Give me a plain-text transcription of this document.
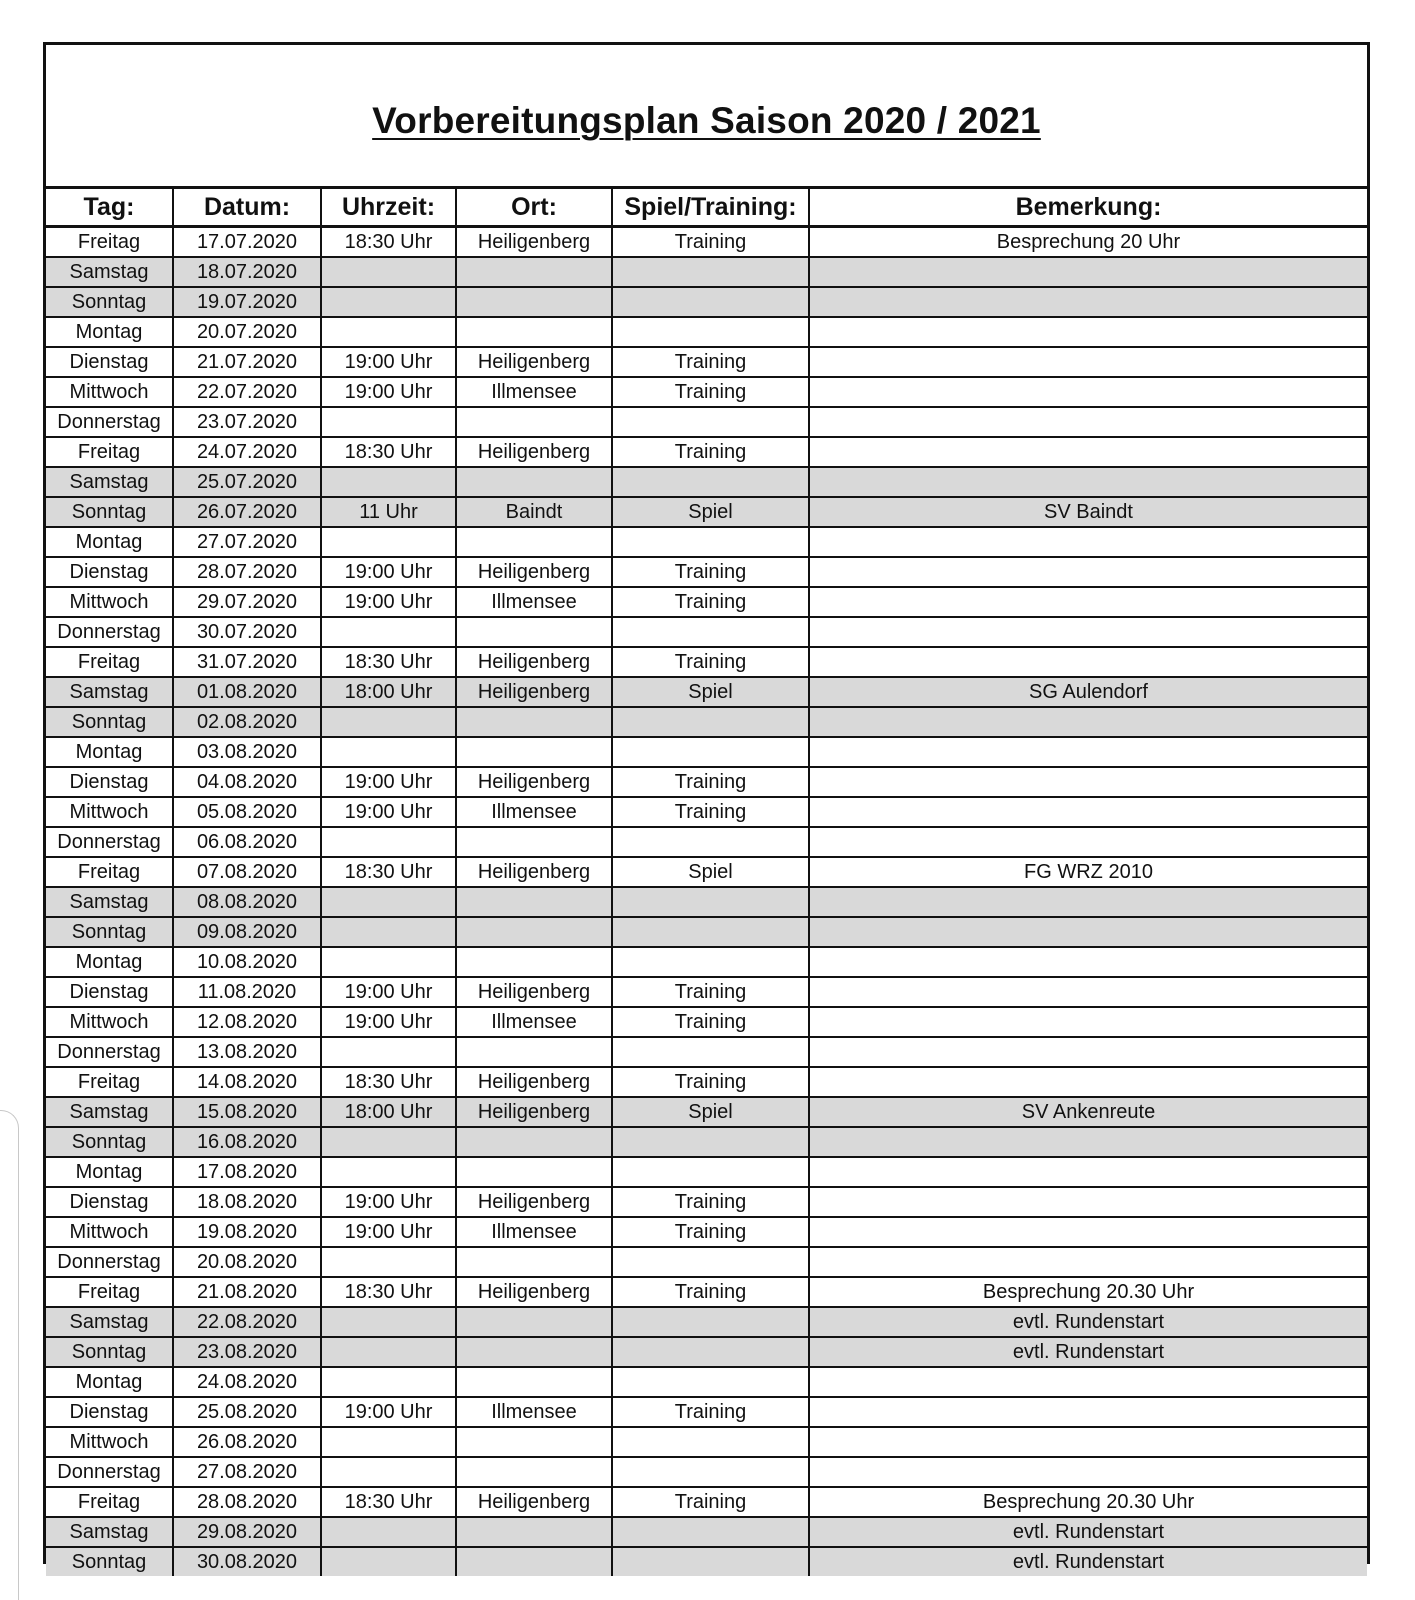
Vorbereitungsplan Saison 2020 / 2021
Tag:	Datum:	Uhrzeit:	Ort:	Spiel/Training:	Bemerkung:
Freitag	17.07.2020	18:30 Uhr	Heiligenberg	Training	Besprechung 20 Uhr
Samstag	18.07.2020				
Sonntag	19.07.2020				
Montag	20.07.2020				
Dienstag	21.07.2020	19:00 Uhr	Heiligenberg	Training	
Mittwoch	22.07.2020	19:00 Uhr	Illmensee	Training	
Donnerstag	23.07.2020				
Freitag	24.07.2020	18:30 Uhr	Heiligenberg	Training	
Samstag	25.07.2020				
Sonntag	26.07.2020	11 Uhr	Baindt	Spiel	SV Baindt
Montag	27.07.2020				
Dienstag	28.07.2020	19:00 Uhr	Heiligenberg	Training	
Mittwoch	29.07.2020	19:00 Uhr	Illmensee	Training	
Donnerstag	30.07.2020				
Freitag	31.07.2020	18:30 Uhr	Heiligenberg	Training	
Samstag	01.08.2020	18:00 Uhr	Heiligenberg	Spiel	SG Aulendorf
Sonntag	02.08.2020				
Montag	03.08.2020				
Dienstag	04.08.2020	19:00 Uhr	Heiligenberg	Training	
Mittwoch	05.08.2020	19:00 Uhr	Illmensee	Training	
Donnerstag	06.08.2020				
Freitag	07.08.2020	18:30 Uhr	Heiligenberg	Spiel	FG WRZ 2010
Samstag	08.08.2020				
Sonntag	09.08.2020				
Montag	10.08.2020				
Dienstag	11.08.2020	19:00 Uhr	Heiligenberg	Training	
Mittwoch	12.08.2020	19:00 Uhr	Illmensee	Training	
Donnerstag	13.08.2020				
Freitag	14.08.2020	18:30 Uhr	Heiligenberg	Training	
Samstag	15.08.2020	18:00 Uhr	Heiligenberg	Spiel	SV Ankenreute
Sonntag	16.08.2020				
Montag	17.08.2020				
Dienstag	18.08.2020	19:00 Uhr	Heiligenberg	Training	
Mittwoch	19.08.2020	19:00 Uhr	Illmensee	Training	
Donnerstag	20.08.2020				
Freitag	21.08.2020	18:30 Uhr	Heiligenberg	Training	Besprechung 20.30 Uhr
Samstag	22.08.2020				evtl. Rundenstart
Sonntag	23.08.2020				evtl. Rundenstart
Montag	24.08.2020				
Dienstag	25.08.2020	19:00 Uhr	Illmensee	Training	
Mittwoch	26.08.2020				
Donnerstag	27.08.2020				
Freitag	28.08.2020	18:30 Uhr	Heiligenberg	Training	Besprechung 20.30 Uhr
Samstag	29.08.2020				evtl. Rundenstart
Sonntag	30.08.2020				evtl. Rundenstart
